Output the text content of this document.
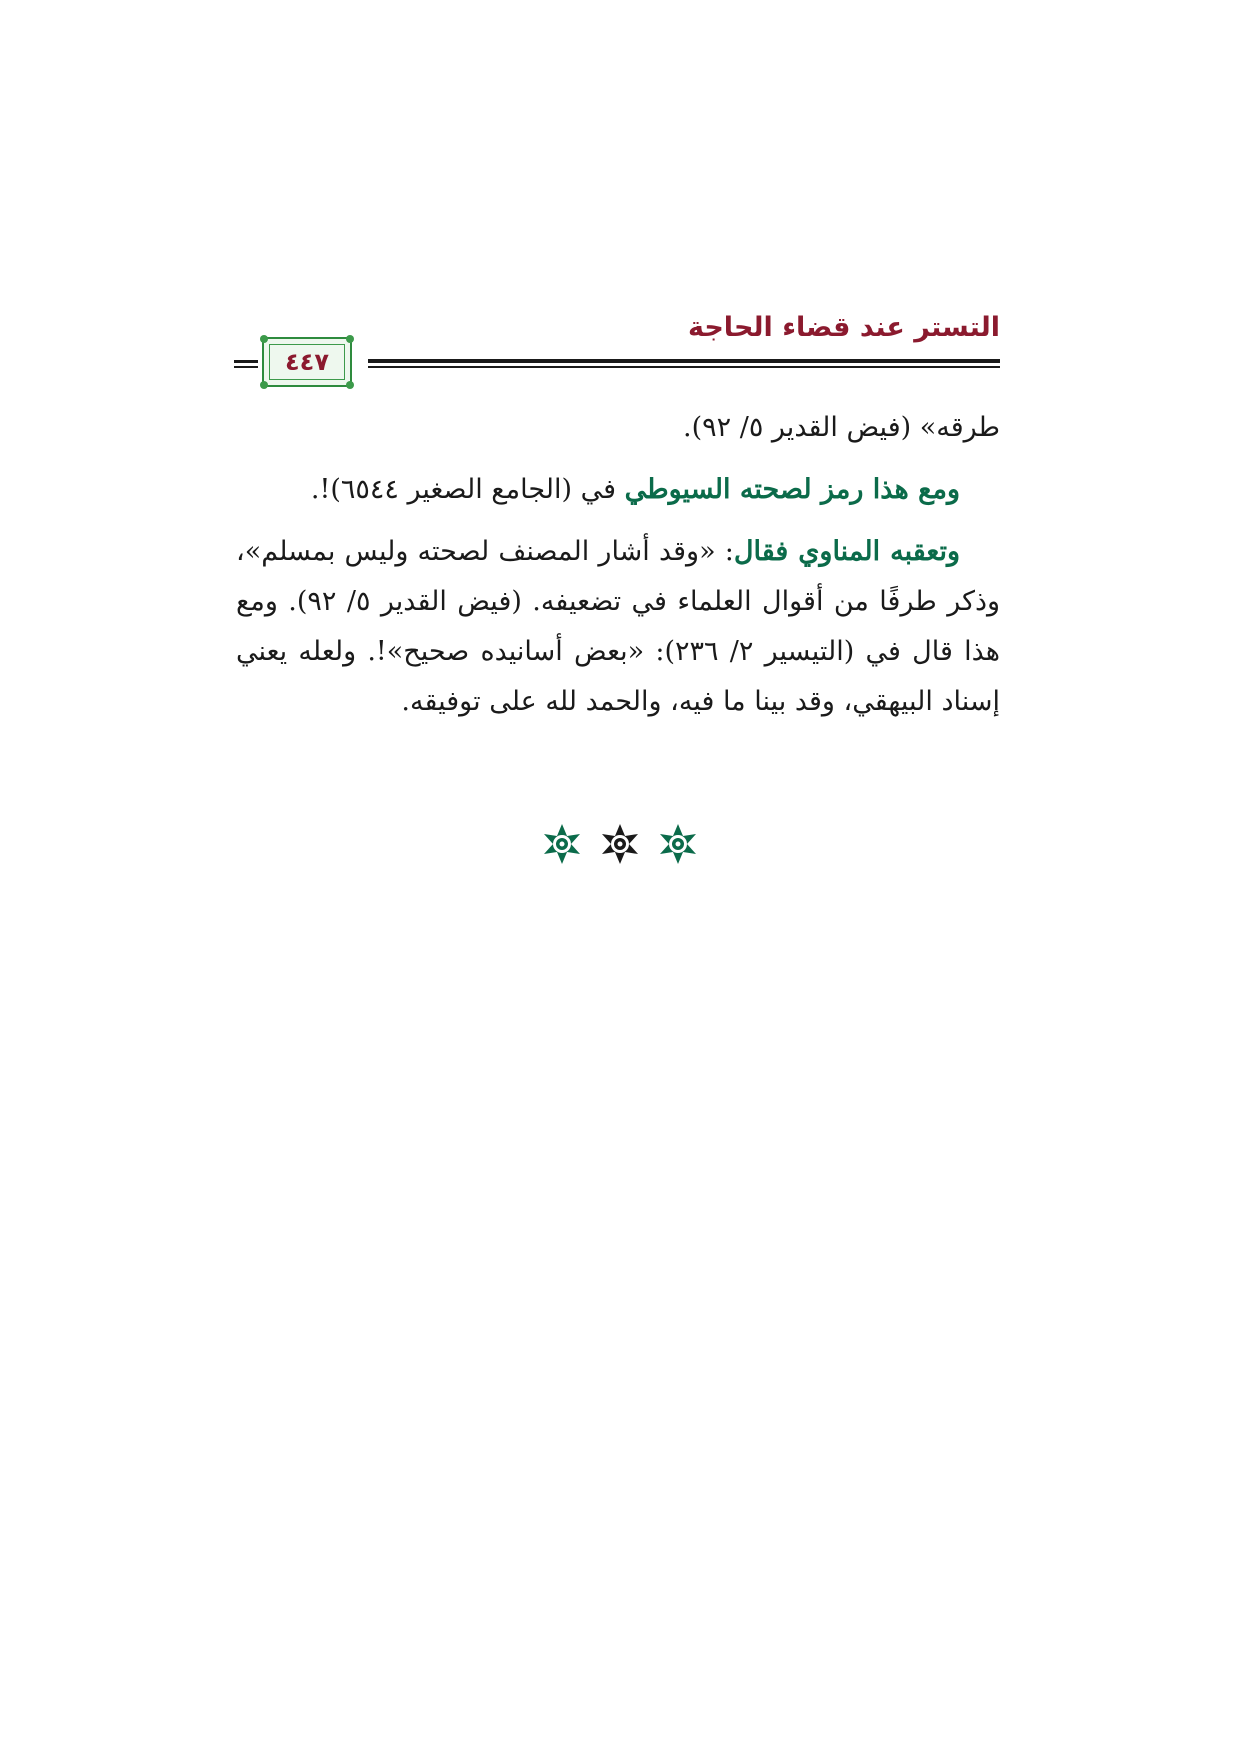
التستر عند قضاء الحاجة
٤٤٧

طرقه» (فيض القدير ٥/ ٩٢).

ومع هذا رمز لصحته السيوطي في (الجامع الصغير ٦٥٤٤)!.

وتعقبه المناوي فقال: «وقد أشار المصنف لصحته وليس بمسلم»، وذكر طرفًا من أقوال العلماء في تضعيفه. (فيض القدير ٥/ ٩٢). ومع هذا قال في (التيسير ٢/ ٢٣٦): «بعض أسانيده صحيح»!. ولعله يعني إسناد البيهقي، وقد بينا ما فيه، والحمد لله على توفيقه.
